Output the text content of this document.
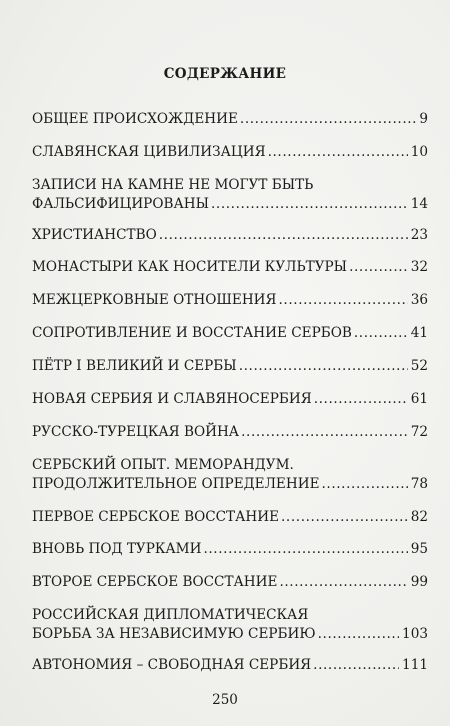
СОДЕРЖАНИЕ
ОБЩЕЕ ПРОИСХОЖДЕНИЕ .....	9
СЛАВЯНСКАЯ ЦИВИЛИЗАЦИЯ .....	10
ЗАПИСИ НА КАМНЕ НЕ МОГУТ БЫТЬ
ФАЛЬСИФИЦИРОВАНЫ .....	14
ХРИСТИАНСТВО .....	23
МОНАСТЫРИ КАК НОСИТЕЛИ КУЛЬТУРЫ .....	32
МЕЖЦЕРКОВНЫЕ ОТНОШЕНИЯ .....	36
СОПРОТИВЛЕНИЕ И ВОССТАНИЕ СЕРБОВ .....	41
ПЁТР I ВЕЛИКИЙ И СЕРБЫ .....	52
НОВАЯ СЕРБИЯ И СЛАВЯНОСЕРБИЯ .....	61
РУССКО-ТУРЕЦКАЯ ВОЙНА .....	72
СЕРБСКИЙ ОПЫТ. МЕМОРАНДУМ.
ПРОДОЛЖИТЕЛЬНОЕ ОПРЕДЕЛЕНИЕ .....	78
ПЕРВОЕ СЕРБСКОЕ ВОССТАНИЕ .....	82
ВНОВЬ ПОД ТУРКАМИ .....	95
ВТОРОЕ СЕРБСКОЕ ВОССТАНИЕ .....	99
РОССИЙСКАЯ ДИПЛОМАТИЧЕСКАЯ
БОРЬБА ЗА НЕЗАВИСИМУЮ СЕРБИЮ .....	103
АВТОНОМИЯ – СВОБОДНАЯ СЕРБИЯ .....	111
250
